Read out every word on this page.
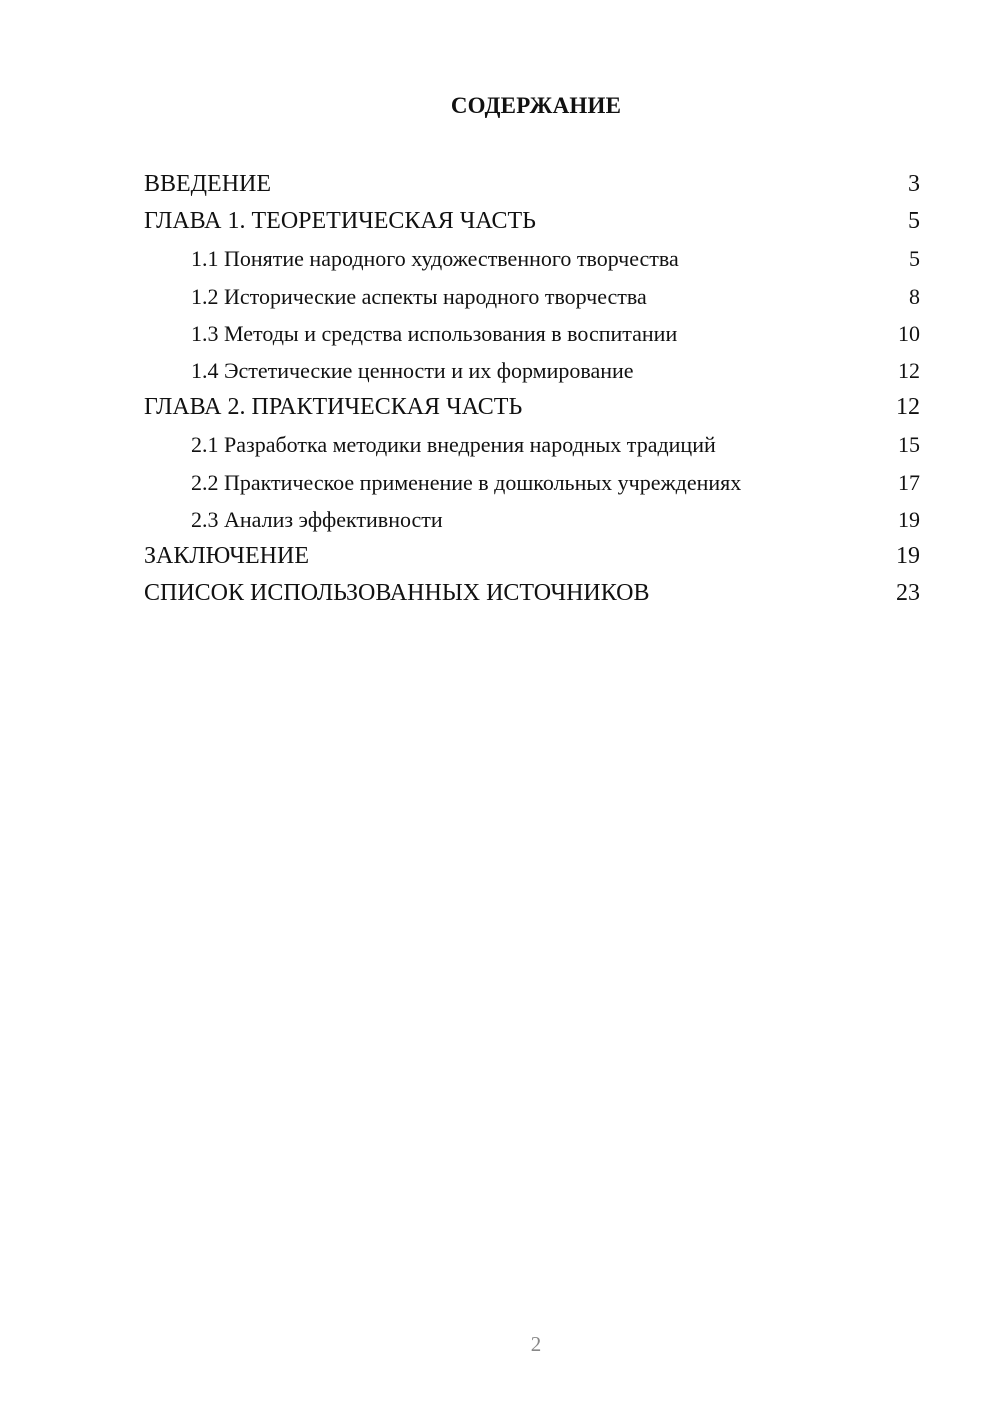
СОДЕРЖАНИЕ
ВВЕДЕНИЕ	3
ГЛАВА 1. ТЕОРЕТИЧЕСКАЯ ЧАСТЬ	5
1.1 Понятие народного художественного творчества	5
1.2 Исторические аспекты народного творчества	8
1.3 Методы и средства использования в воспитании	10
1.4 Эстетические ценности и их формирование	12
ГЛАВА 2. ПРАКТИЧЕСКАЯ ЧАСТЬ	12
2.1 Разработка методики внедрения народных традиций	15
2.2 Практическое применение в дошкольных учреждениях	17
2.3 Анализ эффективности	19
ЗАКЛЮЧЕНИЕ	19
СПИСОК ИСПОЛЬЗОВАННЫХ ИСТОЧНИКОВ	23
2
